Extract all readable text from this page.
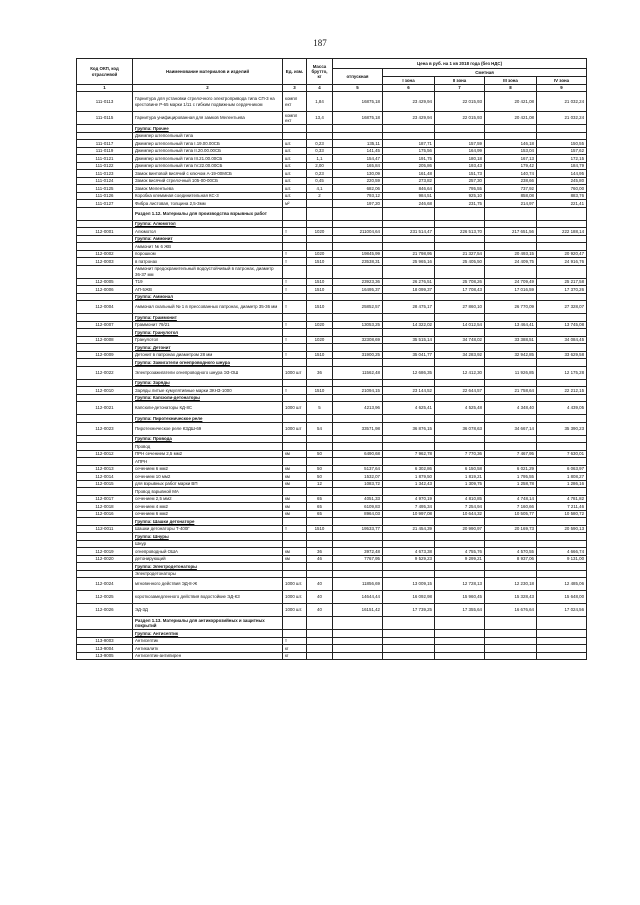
187
Код ОКП, код отраслевой	Наименование материалов и изделий	Ед. изм.	Масса брутто, кг	Цена в руб. на 1 кв 2018 года (без НДС)				
				отпускная	Сметная			
					I зона	II зона	III зона	IV зона
1	2	3	4	5	6	7	8	9
111-0113	Гарнитура для установки стрелочного электропривода типа СП-3 на крестовине Р-65 марки 1/11 с гибким подвижным сердечником	компл ект	1,84	16875,18	23 429,94	22 015,93	20 421,08	21 032,24
111-0115	Гарнитура унифицированная для замков Мелентьева	компл ект	13,4	16875,18	23 429,94	22 015,93	20 421,08	21 032,24
	Группа: Прочее							
	Джемпер штепсельный типа							
111-0117	Джемпер штепсельный типа I.19.00.00СБ	шт.	0,23	135,11	187,71	157,59	146,18	150,55
111-0119	Джемпер штепсельный типа II.20.00.00СБ	шт.	0,33	141,45	175,56	164,99	153,04	157,62
111-0121	Джемпер штепсельный типа III.21.00.00СБ	шт.	1,1	154,47	191,75	180,18	167,13	172,15
111-0122	Джемпер штепсельный типа IV.22.00.00СБ	шт.	2,00	165,84	205,86	193,43	179,42	184,79
111-0123	Замок винтовой висячий с ключом А-19-00МСБ	шт.	0,23	130,09	161,48	151,73	140,74	144,95
111-0124	Замок висячий стрелочный 105-00-00СБ	шт.	0,45	220,59	273,82	257,30	238,66	245,80
111-0125	Замок Мелентьева	шт.	4,1	682,06	846,64	795,55	737,92	760,00
111-0126	Коробка клеммная соединительная КС-3	шт.	2	793,12	984,51	925,10	858,08	883,76
111-0127	Фибра листовая, толщина 2,5-3мм	м²		197,20	246,68	231,75	214,97	221,41
	Раздел 1.12. Материалы для производства взрывных работ							
	Группа: Алюмотол							
112-0001	Алюмотол	т	1020	211004,64	231 514,47	226 513,70	217 651,56	222 188,14
	Группа: Аммонит							
	Аммонит № 6 ЖВ							
112-0002	порошком	т	1020	19845,99	21 798,95	21 327,54	20 493,15	20 920,47
112-0003	в патронах	т	1510	23538,31	25 965,16	25 405,50	24 409,75	24 916,76
	Аммонит предохранительный водоустойчивый в патронах, диаметр 36-37 мм							
112-0005	Т19	т	1510	23923,36	26 276,51	25 708,26	24 709,49	25 217,58
112-0006	АП-5ЖВ	т	1510	16495,37	18 099,37	17 708,43	17 016,59	17 370,26
	Группа: Аммонал							
112-0004	Аммонал скальный № 1 в прессованных патронах, диаметр 35-36 мм	т	1510	25852,57	28 475,17	27 860,10	26 770,09	27 328,07
	Группа: Граммонит							
112-0007	Граммонит 79/21	т	1020	13053,25	14 322,02	14 012,54	13 464,41	13 745,08
	Группа: Гранулотол							
112-0008	Гранулотол	т	1020	32308,69	35 515,14	34 748,02	33 388,51	34 084,45
	Группа: Детонит							
112-0009	Детонит в патронах диаметром 28 мм	т	1510	31900,25	35 041,77	34 283,92	32 942,85	33 629,58
	Группа: Зажигатели огнепроводного шнура							
112-0022	Электрозажигатели огнепроводного шнура ЭЗ-ОШ	1000 шт	36	11562,48	12 686,35	12 412,30	11 926,85	12 175,28
	Группа: Заряды							
112-0010	Заряды литые кумулятивные марки ЗКНЗ-1000	т	1510	21094,15	23 144,52	22 644,57	21 758,64	22 212,15
	Группа: Капсюли-детонаторы							
112-0021	Капсюли-детонаторы КД-8С	1000 шт	5	4213,96	4 625,41	4 525,48	4 348,40	4 439,05
	Группа: Пиротехническое реле							
112-0023	Пиротехническое реле КЗДШ-69	1000 шт	54	33571,98	36 876,15	36 078,63	34 667,14	35 390,23
	Группа: Провода							
	Провод							
112-0012	ПРН сечением 2,5 мм2	км	50	6490,68	7 962,78	7 770,36	7 467,95	7 630,01
	АПРН							
112-0013	сечением 6 мм2	км	50	5137,64	6 302,86	6 150,58	6 021,29	6 063,97
112-0014	сечением 10 мм2	км	50	1532,07	1 879,50	1 819,21	1 795,55	1 808,27
112-0015	для взрывных работ марки ВП	км	12	1083,72	1 342,43	1 309,75	1 258,78	1 286,16
	Провод взрывной МА							
112-0017	сечением 2,5 мм2	км	65	4051,33	4 970,19	4 810,85	4 748,14	4 781,82
112-0018	сечением 4 мм2	км	65	6109,83	7 495,34	7 254,94	7 160,66	7 211,46
112-0016	сечением 6 мм2	км	65	8964,03	10 997,08	10 644,32	10 505,77	10 580,72
	Группа: Шашки детонаторе							
112-0011	Шашки детонаторы Т-400Г	т	1510	19533,77	21 454,39	20 990,97	20 169,73	20 590,13
	Группа: Шнуры							
	Шнур							
112-0019	огнепроводный ОША	км	36	3972,48	4 673,38	4 755,76	4 570,55	4 666,74
112-0020	детонирующий	км	46	7767,95	9 529,23	9 299,21	8 937,06	9 131,00
	Группа: Электродетонаторы							
	Электродетонаторы							
112-0024	мгновенного действия ЭД-8-Ж	1000 шт.	40	11856,69	13 009,15	12 728,13	12 230,18	12 485,06
112-0025	короткозамедленного действия водостойкие ЭД-КЗ	1000 шт.	40	14644,44	16 092,98	15 960,45	15 328,43	15 648,00
112-0026	ЭД-3Д	1000 шт.	40	16151,42	17 739,25	17 355,64	16 676,64	17 024,56
	Раздел 1.13. Материалы для антикоррозийных и защитных покрытий							
	Группа: Антисептик							
113-9003	Антисептик	т						
113-9004	Антикалитк	кг						
113-9005	Антисептик-антипирен	кг						
